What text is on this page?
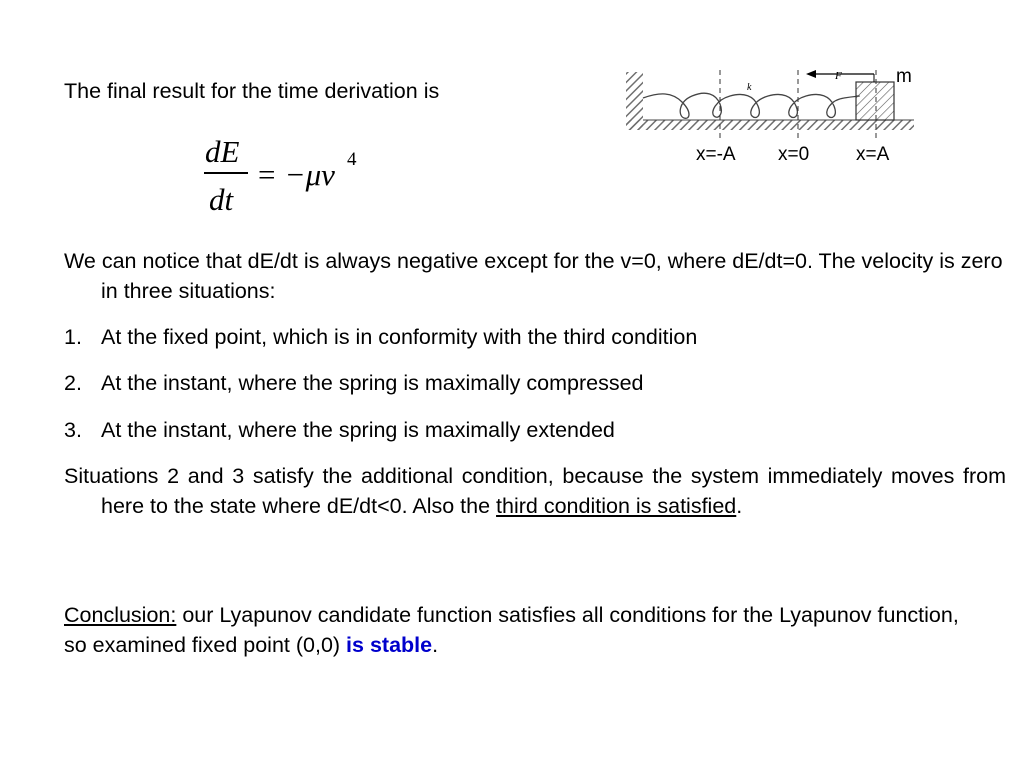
The final result for the time derivation is
dE
dt
= −μv 4
F
k
m
x=-A x=0 x=A
We can notice that dE/dt is always negative except for the v=0, where dE/dt=0. The velocity is zero in three situations:
1. At the fixed point, which is in conformity with the third condition
2. At the instant, where the spring is maximally compressed
3. At the instant, where the spring is maximally extended
Situations 2 and 3 satisfy the additional condition, because the system immediately moves from here to the state where dE/dt<0. Also the third condition is satisfied.
Conclusion: our Lyapunov candidate function satisfies all conditions for the Lyapunov function, so examined fixed point (0,0) is stable.
